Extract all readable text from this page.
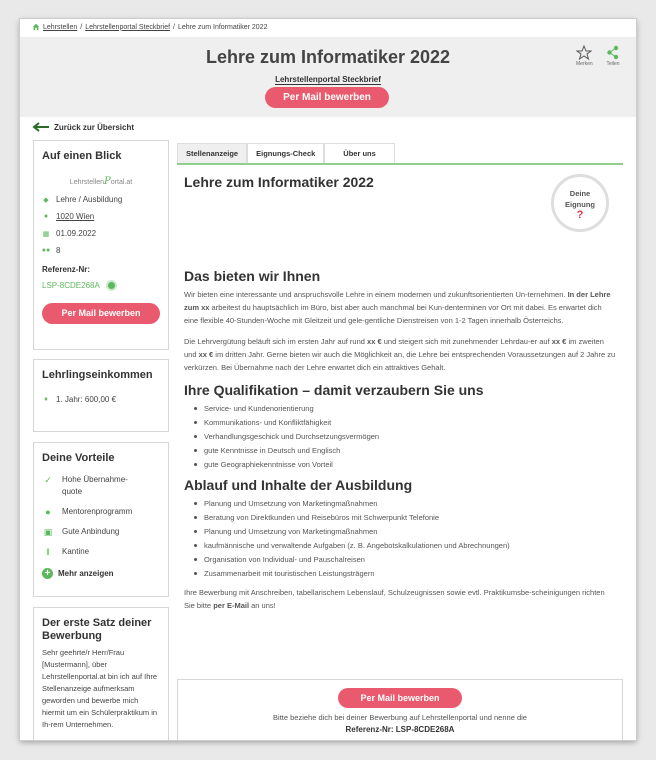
Lehrstellen / Lehrstellenportal Steckbrief / Lehre zum Informatiker 2022
Lehre zum Informatiker 2022
Lehrstellenportal Steckbrief
Per Mail bewerben
Merken	Teilen
Zurück zur Übersicht
Auf einen Blick
LehrstellenPortal.at
◆ Lehre / Ausbildung
● 1020 Wien
▦ 01.09.2022
●● 8
Referenz-Nr:
LSP-8CDE268A
Per Mail bewerben
Lehrlingseinkommen
♦ 1. Jahr: 600,00 €
Deine Vorteile
✓ Hohe Übernahme-quote
●	Mentorenprogramm
▣ Gute Anbindung
‖	Kantine
+ Mehr anzeigen
Der erste Satz deiner Bewerbung

Sehr geehrte/r Herr/Frau [Mustermann], über Lehrstellenportal.at bin ich auf Ihre Stellenanzeige aufmerksam geworden und bewerbe mich hiermit um ein Schülerpraktikum in Ih-rem Unternehmen.

Stellenanzeige	Eignungs-Check	Über uns
Lehre zum Informatiker 2022
Deine
Eignung
?
Das bieten wir Ihnen

Wir bieten eine interessante und anspruchsvolle Lehre in einem modernen und zukunftsorientierten Un-ternehmen. In der Lehre zum xx arbeitest du hauptsächlich im Büro, bist aber auch manchmal bei Kun-denterminen vor Ort mit dabei. Es erwartet dich eine flexible 40-Stunden-Woche mit Gleitzeit und gele-gentliche Dienstreisen von 1-2 Tagen innerhalb Österreichs.

Die Lehrvergütung beläuft sich im ersten Jahr auf rund xx € und steigert sich mit zunehmender Lehrdau-er auf xx € im zweiten und xx € im dritten Jahr. Gerne bieten wir auch die Möglichkeit an, die Lehre bei entsprechenden Voraussetzungen auf 2 Jahre zu verkürzen. Bei Übernahme nach der Lehre erwartet dich ein attraktives Gehalt.

Ihre Qualifikation – damit verzaubern Sie uns
Service- und Kundenorientierung
Kommunikations- und Konfliktfähigkeit
Verhandlungsgeschick und Durchsetzungsvermögen
gute Kenntnisse in Deutsch und Englisch
gute Geographiekenntnisse von Vorteil
Ablauf und Inhalte der Ausbildung
Planung und Umsetzung von Marketingmaßnahmen
Beratung von Direktkunden und Reisebüros mit Schwerpunkt Telefonie
Planung und Umsetzung von Marketingmaßnahmen
kaufmännische und verwaltende Aufgaben (z. B. Angebotskalkulationen und Abrechnungen)
Organisation von Individual- und Pauschalreisen
Zusammenarbeit mit touristischen Leistungsträgern

Ihre Bewerbung mit Anschreiben, tabellarischem Lebenslauf, Schulzeugnissen sowie evtl. Praktikumsbe-scheinigungen richten Sie bitte per E-Mail an uns!

Per Mail bewerben
Bitte beziehe dich bei deiner Bewerbung auf Lehrstellenportal und nenne die
Referenz-Nr: LSP-8CDE268A
